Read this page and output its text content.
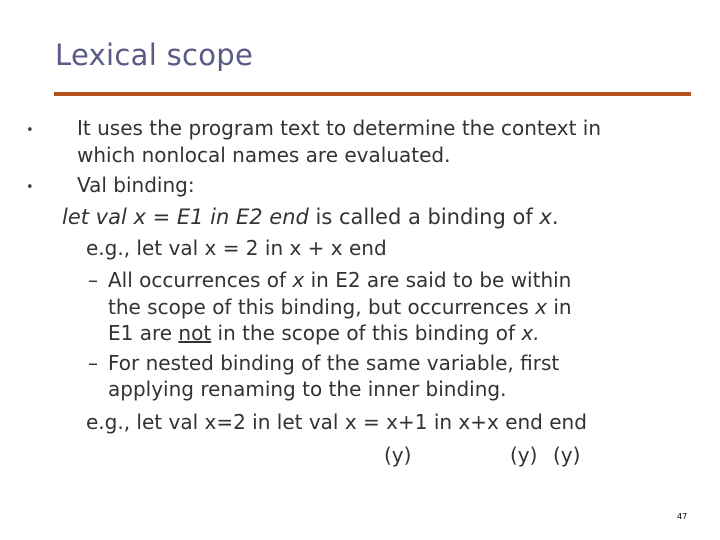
Lexical scope
• It uses the program text to determine the context in
which nonlocal names are evaluated.
• Val binding:
let val x = E1 in E2 end is called a binding of x.
e.g., let val x = 2 in x + x end
– All occurrences of x in E2 are said to be within
the scope of this binding, but occurrences x in
E1 are not in the scope of this binding of x.
– For nested binding of the same variable, first
applying renaming to the inner binding.
e.g., let val x=2 in let val x = x+1 in x+x end end
(y)	(y) (y)
47
